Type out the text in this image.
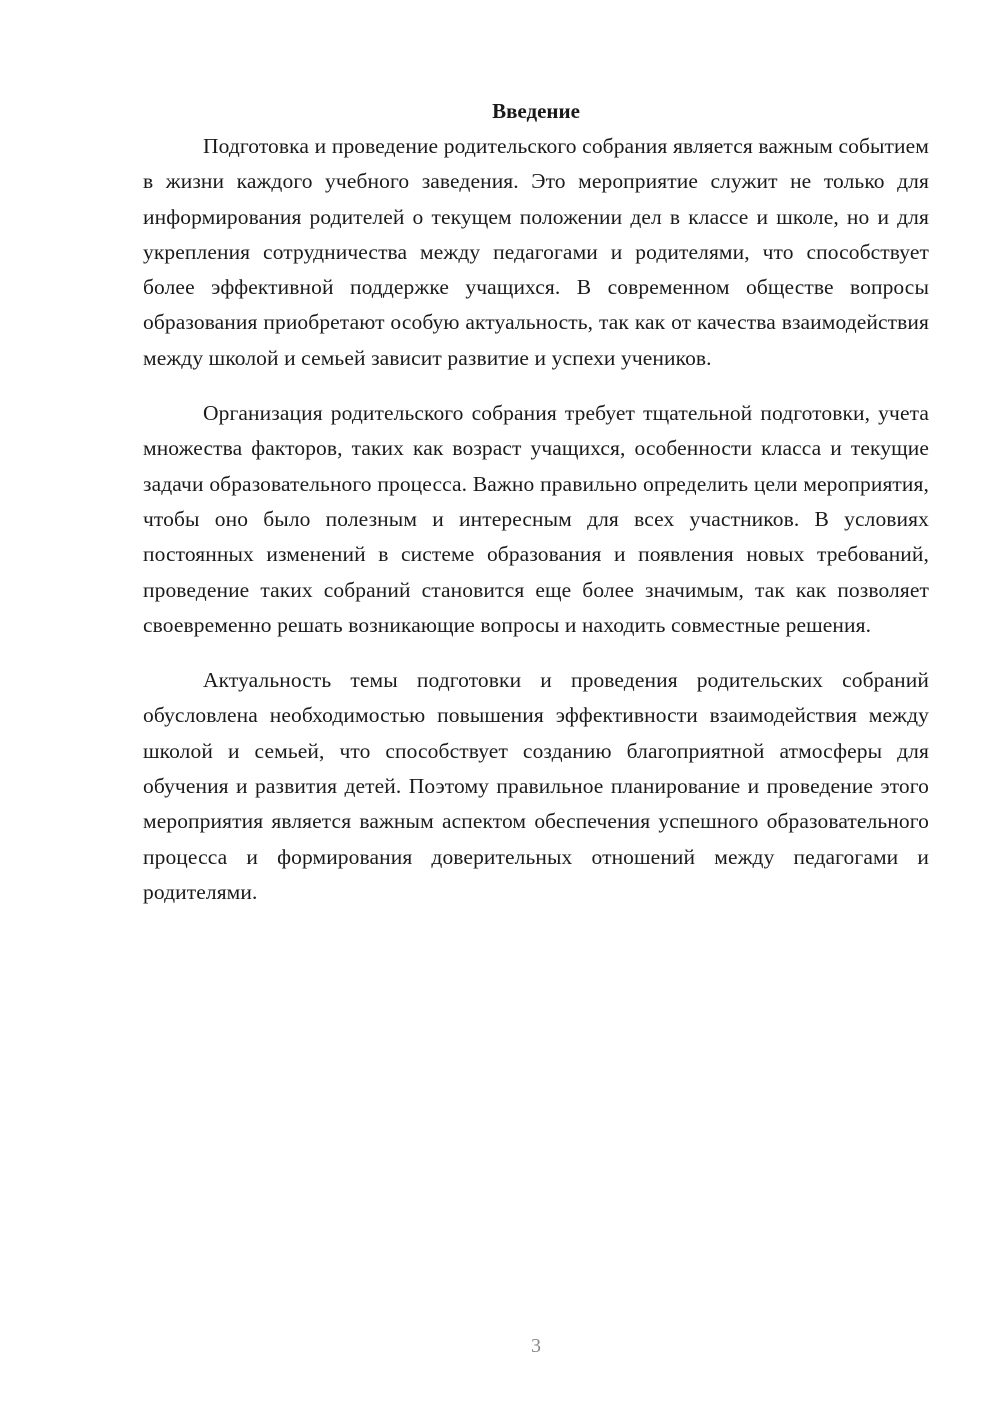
Введение

Подготовка и проведение родительского собрания является важным событием в жизни каждого учебного заведения. Это мероприятие служит не только для информирования родителей о текущем положении дел в классе и школе, но и для укрепления сотрудничества между педагогами и родителями, что способствует более эффективной поддержке учащихся. В современном обществе вопросы образования приобретают особую актуальность, так как от качества взаимодействия между школой и семьей зависит развитие и успехи учеников.

Организация родительского собрания требует тщательной подготовки, учета множества факторов, таких как возраст учащихся, особенности класса и текущие задачи образовательного процесса. Важно правильно определить цели мероприятия, чтобы оно было полезным и интересным для всех участников. В условиях постоянных изменений в системе образования и появления новых требований, проведение таких собраний становится еще более значимым, так как позволяет своевременно решать возникающие вопросы и находить совместные решения.

Актуальность темы подготовки и проведения родительских собраний обусловлена необходимостью повышения эффективности взаимодействия между школой и семьей, что способствует созданию благоприятной атмосферы для обучения и развития детей. Поэтому правильное планирование и проведение этого мероприятия является важным аспектом обеспечения успешного образовательного процесса и формирования доверительных отношений между педагогами и родителями.

3
